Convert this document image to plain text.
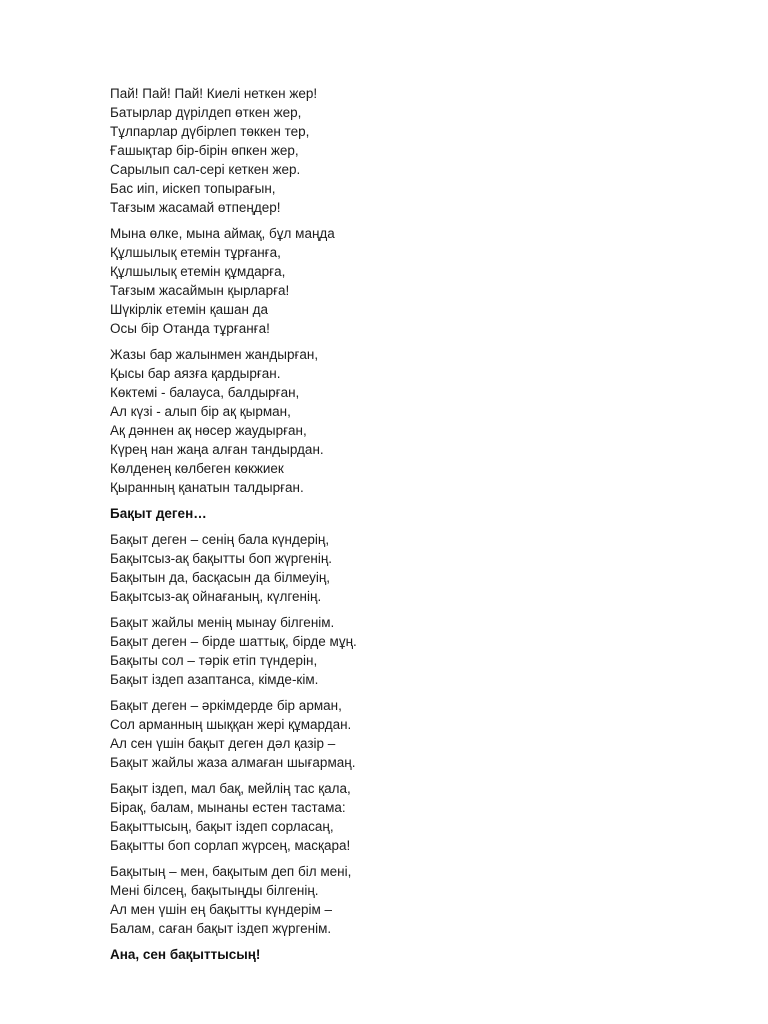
Пай! Пай! Пай! Киелі неткен жер!
Батырлар дүрілдеп өткен жер,
Тұлпарлар дүбірлеп төккен тер,
Ғашықтар бір-бірін өпкен жер,
Сарылып сал-сері кеткен жер.
Бас иіп, иіскеп топырағын,
Тағзым жасамай өтпеңдер!

Мына өлке, мына аймақ, бұл маңда
Құлшылық етемін тұрғанға,
Құлшылық етемін құмдарға,
Тағзым жасаймын қырларға!
Шүкірлік етемін қашан да
Осы бір Отанда тұрғанға!

Жазы бар жалынмен жандырған,
Қысы бар аязға қардырған.
Көктемі - балауса, балдырған,
Ал күзі - алып бір ақ қырман,
Ақ дәннен ақ нөсер жаудырған,
Күрең нан жаңа алған тандырдан.
Көлденең көлбеген көкжиек
Қыранның қанатын талдырған.

Бақыт деген…

Бақыт деген – сенің бала күндерің,
Бақытсыз-ақ бақытты боп жүргенің.
Бақытын да, басқасын да білмеуің,
Бақытсыз-ақ ойнағаның, күлгенің.

Бақыт жайлы менің мынау білгенім.
Бақыт деген – бірде шаттық, бірде мұң.
Бақыты сол – тәрік етіп түндерін,
Бақыт іздеп азаптанса, кімде-кім.

Бақыт деген – әркімдерде бір арман,
Сол арманның шыққан жері құмардан.
Ал сен үшін бақыт деген дәл қазір –
Бақыт жайлы жаза алмаған шығармаң.

Бақыт іздеп, мал бақ, мейлің тас қала,
Бірақ, балам, мынаны естен тастама:
Бақыттысың, бақыт іздеп сорласаң,
Бақытты боп сорлап жүрсең, масқара!

Бақытың – мен, бақытым деп біл мені,
Мені білсең, бақытыңды білгенің.
Ал мен үшін ең бақытты күндерім –
Балам, саған бақыт іздеп жүргенім.

Ана, сен бақыттысың!
